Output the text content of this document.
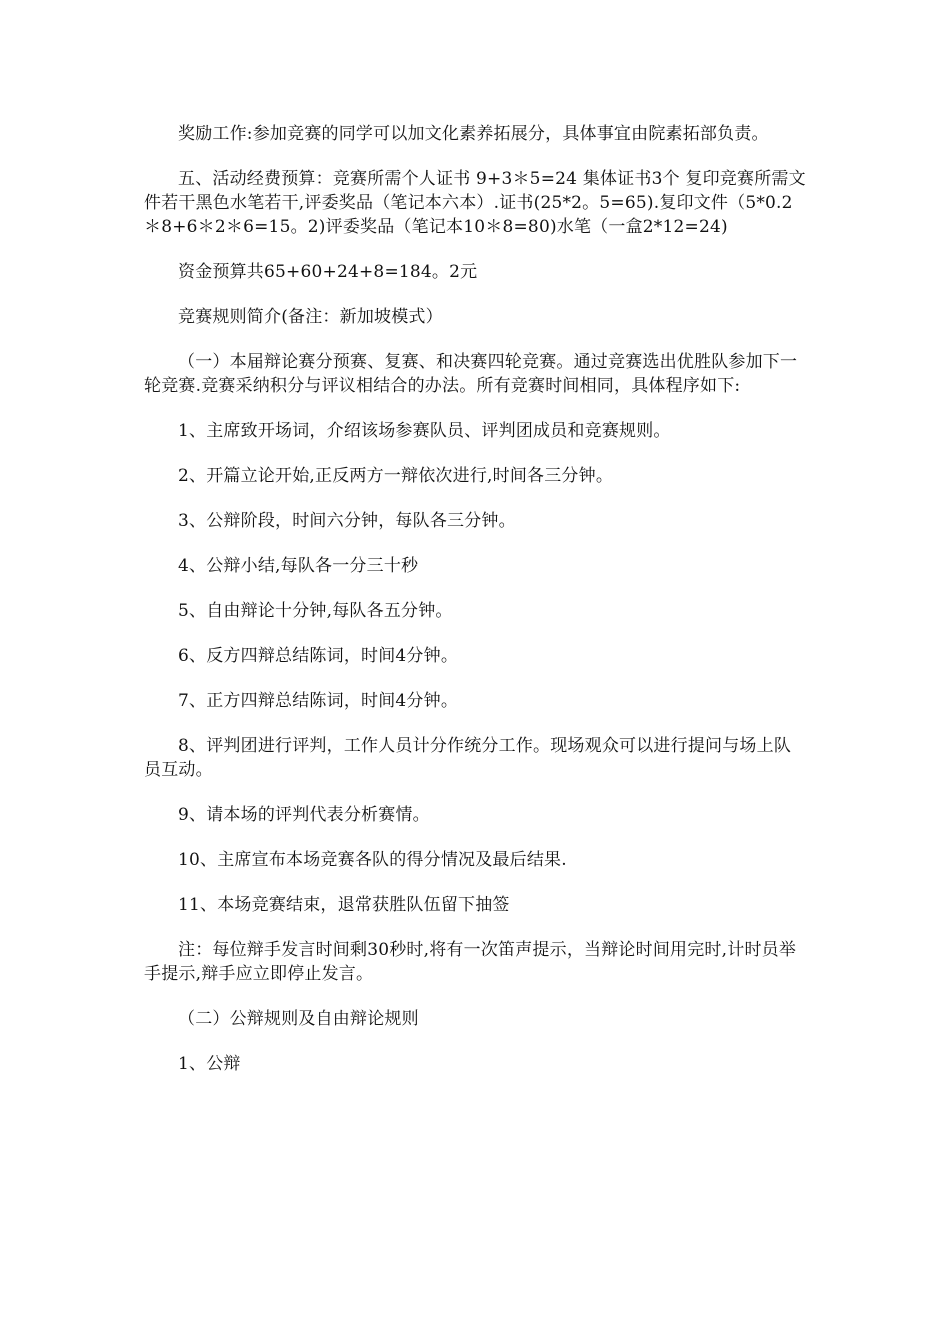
奖励工作:参加竞赛的同学可以加文化素养拓展分，具体事宜由院素拓部负责。

五、活动经费预算：竞赛所需个人证书 9+3＊5=24 集体证书3个 复印竞赛所需文件若干黑色水笔若干,评委奖品（笔记本六本）.证书(25*2。5=65).复印文件（5*0.2＊8+6＊2＊6=15。2)评委奖品（笔记本10＊8=80)水笔（一盒2*12=24)

资金预算共65+60+24+8=184。2元

竞赛规则简介(备注：新加坡模式）

（一）本届辩论赛分预赛、复赛、和决赛四轮竞赛。通过竞赛选出优胜队参加下一轮竞赛.竞赛采纳积分与评议相结合的办法。所有竞赛时间相同，具体程序如下:

1、主席致开场词，介绍该场参赛队员、评判团成员和竞赛规则。

2、开篇立论开始,正反两方一辩依次进行,时间各三分钟。

3、公辩阶段，时间六分钟，每队各三分钟。

4、公辩小结,每队各一分三十秒

5、自由辩论十分钟,每队各五分钟。

6、反方四辩总结陈词，时间4分钟。

7、正方四辩总结陈词，时间4分钟。

8、评判团进行评判，工作人员计分作统分工作。现场观众可以进行提问与场上队员互动。

9、请本场的评判代表分析赛情。

10、主席宣布本场竞赛各队的得分情况及最后结果.

11、本场竞赛结束，退常获胜队伍留下抽签

注：每位辩手发言时间剩30秒时,将有一次笛声提示，当辩论时间用完时,计时员举手提示,辩手应立即停止发言。

（二）公辩规则及自由辩论规则

1、公辩
